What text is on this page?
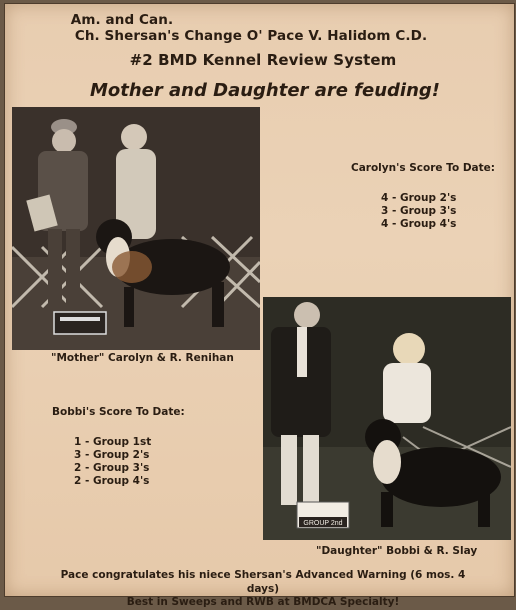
Am. and Can.
Ch. Shersan's Change O' Pace V. Halidom C.D.
#2 BMD Kennel Review System
Mother and Daughter are feuding!
"Mother" Carolyn & R. Renihan
Carolyn's Score To Date:
4 - Group 2's
3 - Group 3's
4 - Group 4's
Bobbi's Score To Date:
1 - Group 1st
3 - Group 2's
2 - Group 3's
2 - Group 4's
GROUP 2nd
"Daughter" Bobbi & R. Slay
Pace congratulates his niece Shersan's Advanced Warning (6 mos. 4 days)
Best in Sweeps and RWB at BMDCA Specialty!
